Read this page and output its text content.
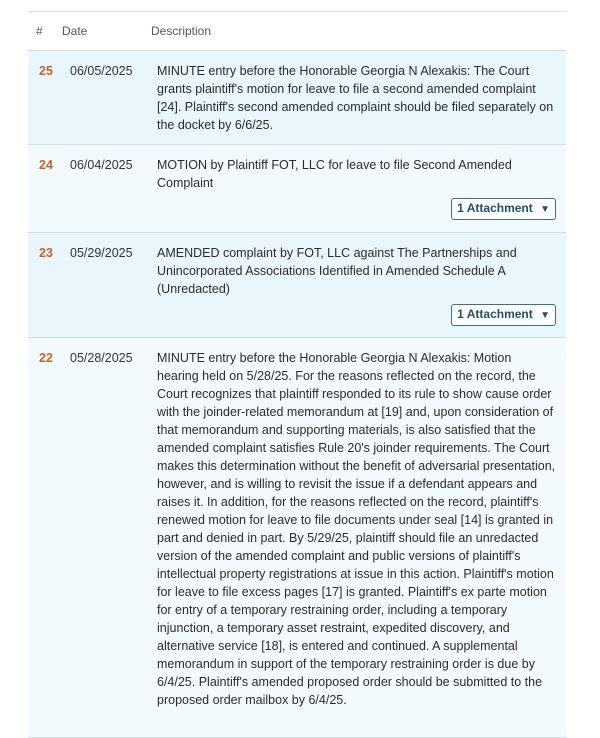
#	Date	Description
25	06/05/2025	MINUTE entry before the Honorable Georgia N Alexakis: The Court grants plaintiff's motion for leave to file a second amended complaint [24]. Plaintiff's second amended complaint should be filed separately on the docket by 6/6/25.
24	06/04/2025	MOTION by Plaintiff FOT, LLC for leave to file Second Amended Complaint
1 Attachment ▼
23	05/29/2025	AMENDED complaint by FOT, LLC against The Partnerships and Unincorporated Associations Identified in Amended Schedule A (Unredacted)
1 Attachment ▼
22	05/28/2025	MINUTE entry before the Honorable Georgia N Alexakis: Motion hearing held on 5/28/25. For the reasons reflected on the record, the Court recognizes that plaintiff responded to its rule to show cause order with the joinder-related memorandum at [19] and, upon consideration of that memorandum and supporting materials, is also satisfied that the amended complaint satisfies Rule 20's joinder requirements. The Court makes this determination without the benefit of adversarial presentation, however, and is willing to revisit the issue if a defendant appears and raises it. In addition, for the reasons reflected on the record, plaintiff's renewed motion for leave to file documents under seal [14] is granted in part and denied in part. By 5/29/25, plaintiff should file an unredacted version of the amended complaint and public versions of plaintiff's intellectual property registrations at issue in this action. Plaintiff's motion for leave to file excess pages [17] is granted. Plaintiff's ex parte motion for entry of a temporary restraining order, including a temporary injunction, a temporary asset restraint, expedited discovery, and alternative service [18], is entered and continued. A supplemental memorandum in support of the temporary restraining order is due by 6/4/25. Plaintiff's amended proposed order should be submitted to the proposed order mailbox by 6/4/25.
